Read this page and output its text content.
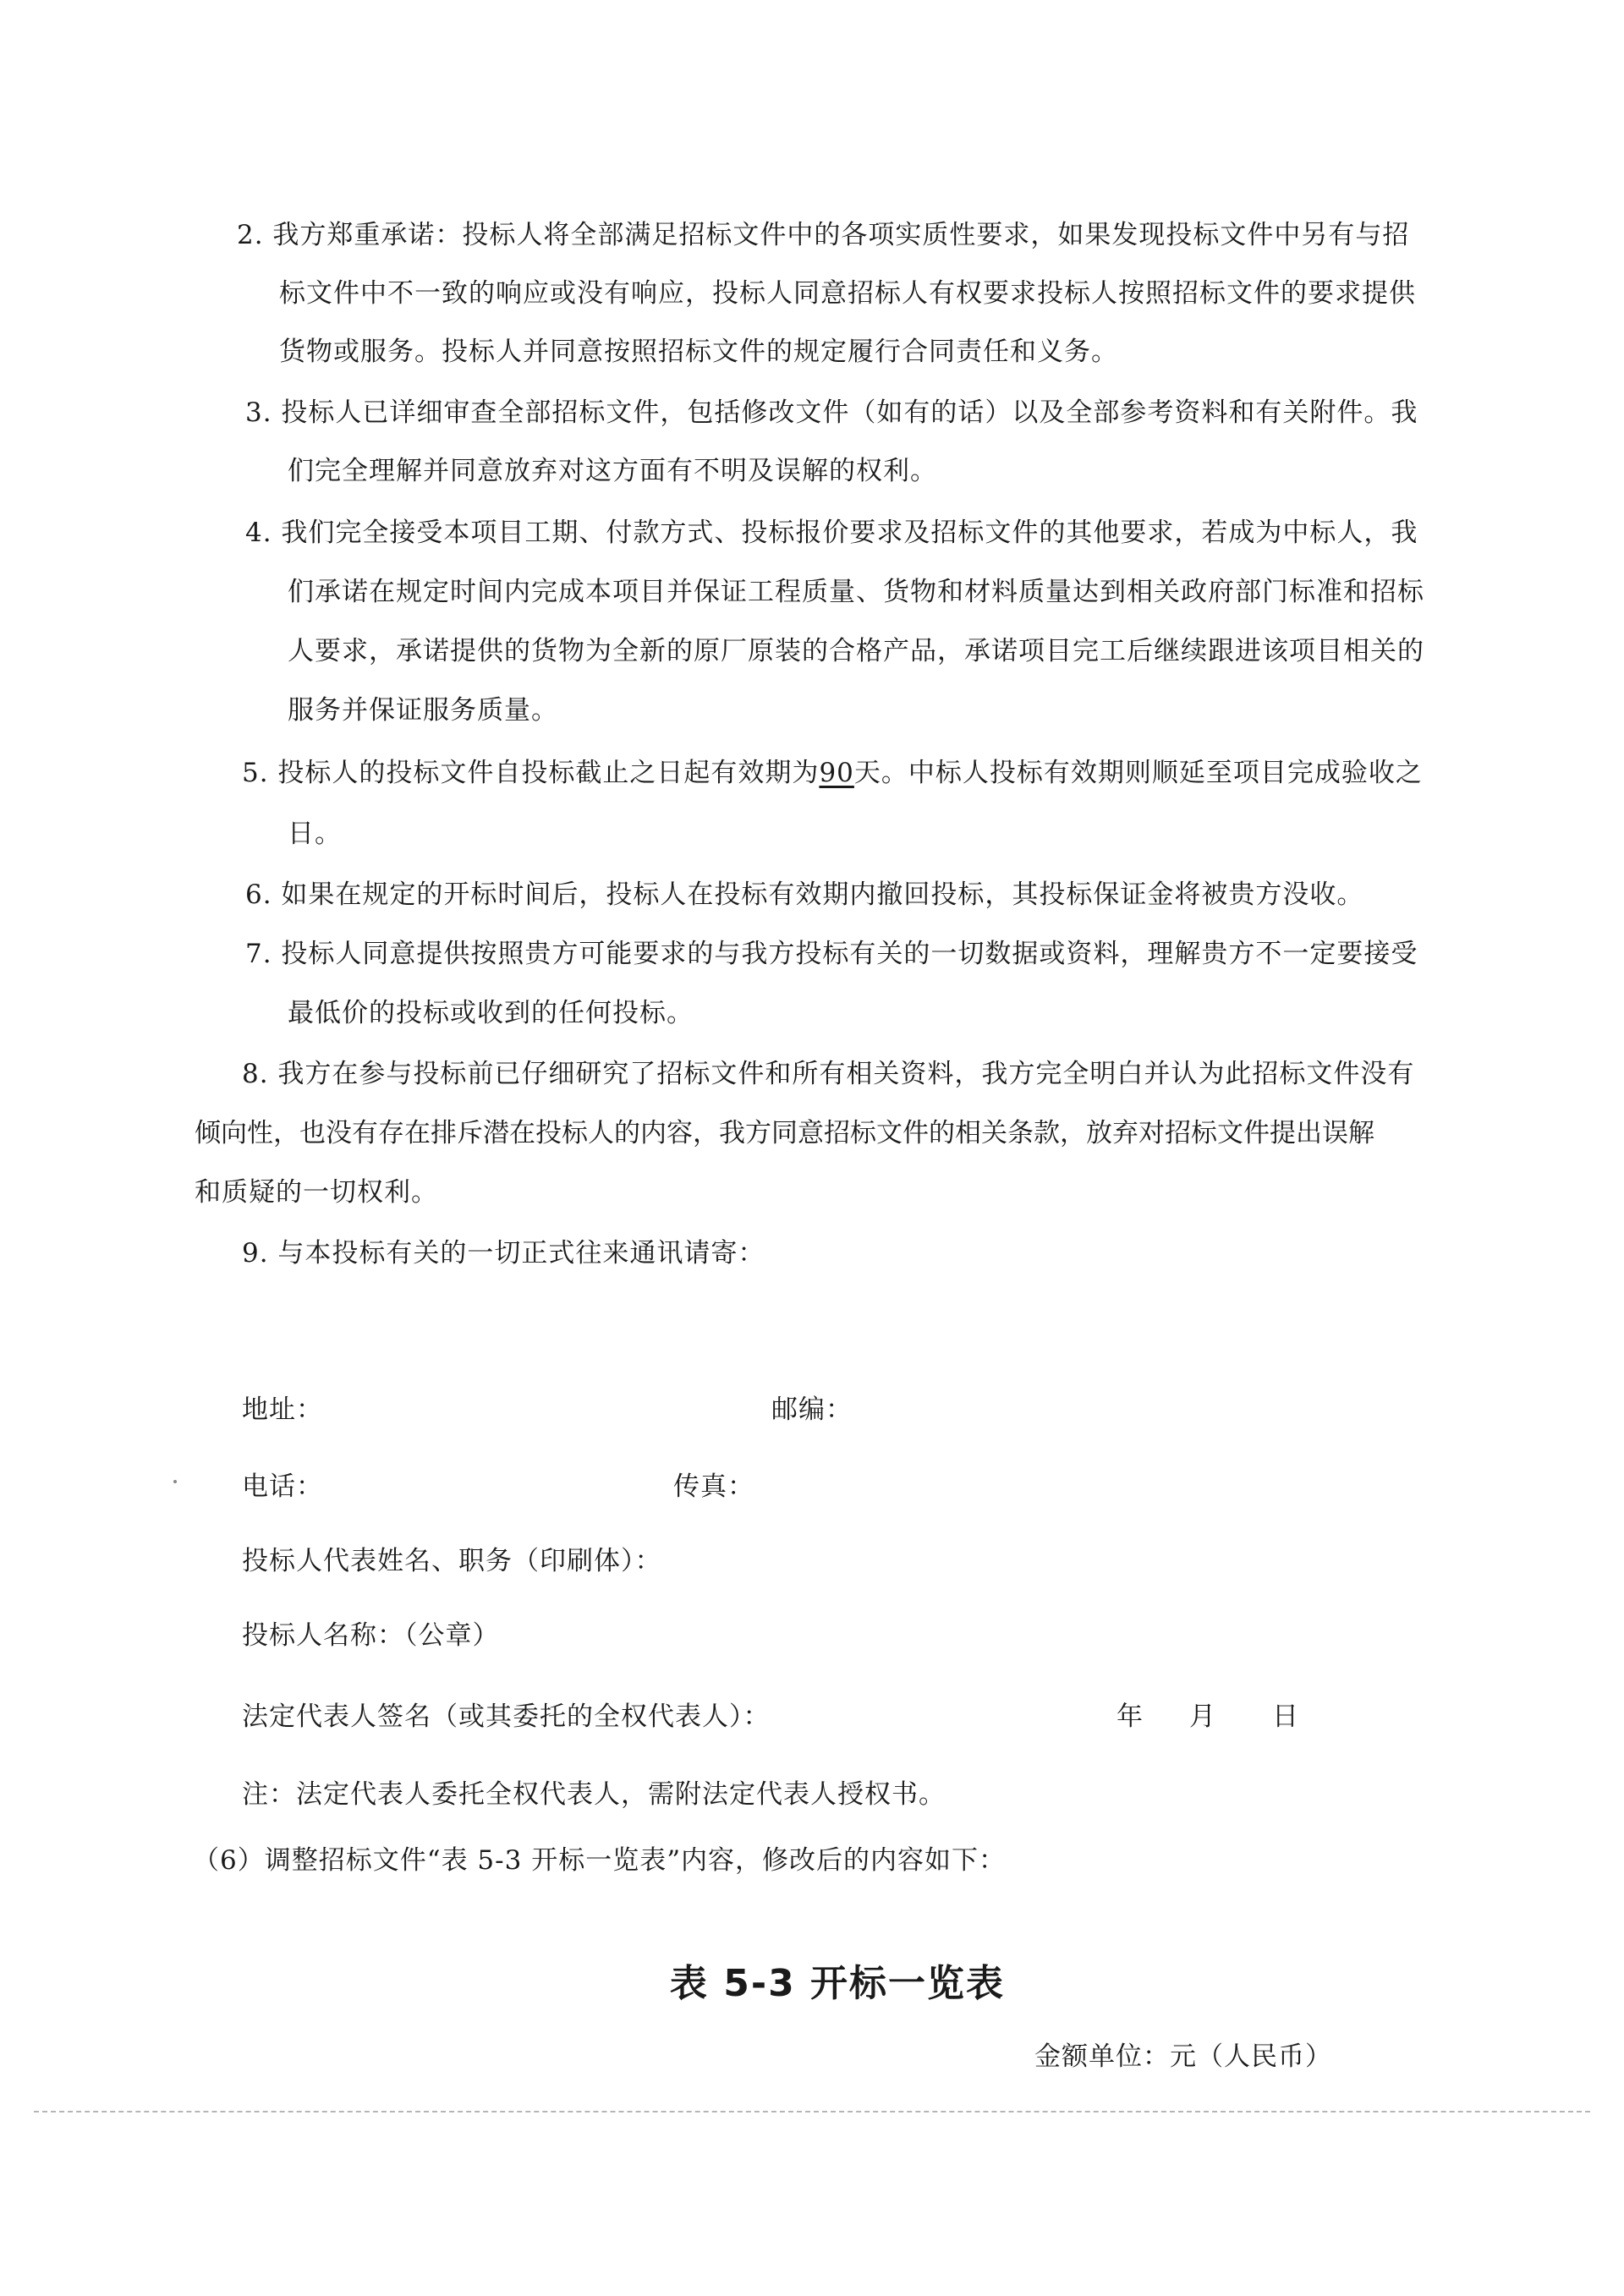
2. 我方郑重承诺：投标人将全部满足招标文件中的各项实质性要求，如果发现投标文件中另有与招
标文件中不一致的响应或没有响应，投标人同意招标人有权要求投标人按照招标文件的要求提供
货物或服务。投标人并同意按照招标文件的规定履行合同责任和义务。
3. 投标人已详细审查全部招标文件，包括修改文件（如有的话）以及全部参考资料和有关附件。我
们完全理解并同意放弃对这方面有不明及误解的权利。
4. 我们完全接受本项目工期、付款方式、投标报价要求及招标文件的其他要求，若成为中标人，我
们承诺在规定时间内完成本项目并保证工程质量、货物和材料质量达到相关政府部门标准和招标
人要求，承诺提供的货物为全新的原厂原装的合格产品，承诺项目完工后继续跟进该项目相关的
服务并保证服务质量。
5. 投标人的投标文件自投标截止之日起有效期为90天。中标人投标有效期则顺延至项目完成验收之
日。
6. 如果在规定的开标时间后，投标人在投标有效期内撤回投标，其投标保证金将被贵方没收。
7. 投标人同意提供按照贵方可能要求的与我方投标有关的一切数据或资料，理解贵方不一定要接受
最低价的投标或收到的任何投标。
8. 我方在参与投标前已仔细研究了招标文件和所有相关资料，我方完全明白并认为此招标文件没有
倾向性，也没有存在排斥潜在投标人的内容，我方同意招标文件的相关条款，放弃对招标文件提出误解
和质疑的一切权利。
9. 与本投标有关的一切正式往来通讯请寄：
地址：	邮编：
电话：	传真：
投标人代表姓名、职务（印刷体）：
投标人名称：（公章）
法定代表人签名（或其委托的全权代表人）：	年 月 日
注：法定代表人委托全权代表人，需附法定代表人授权书。
（6）调整招标文件“表 5-3 开标一览表”内容，修改后的内容如下：
表 5-3 开标一览表
金额单位：元（人民币）
